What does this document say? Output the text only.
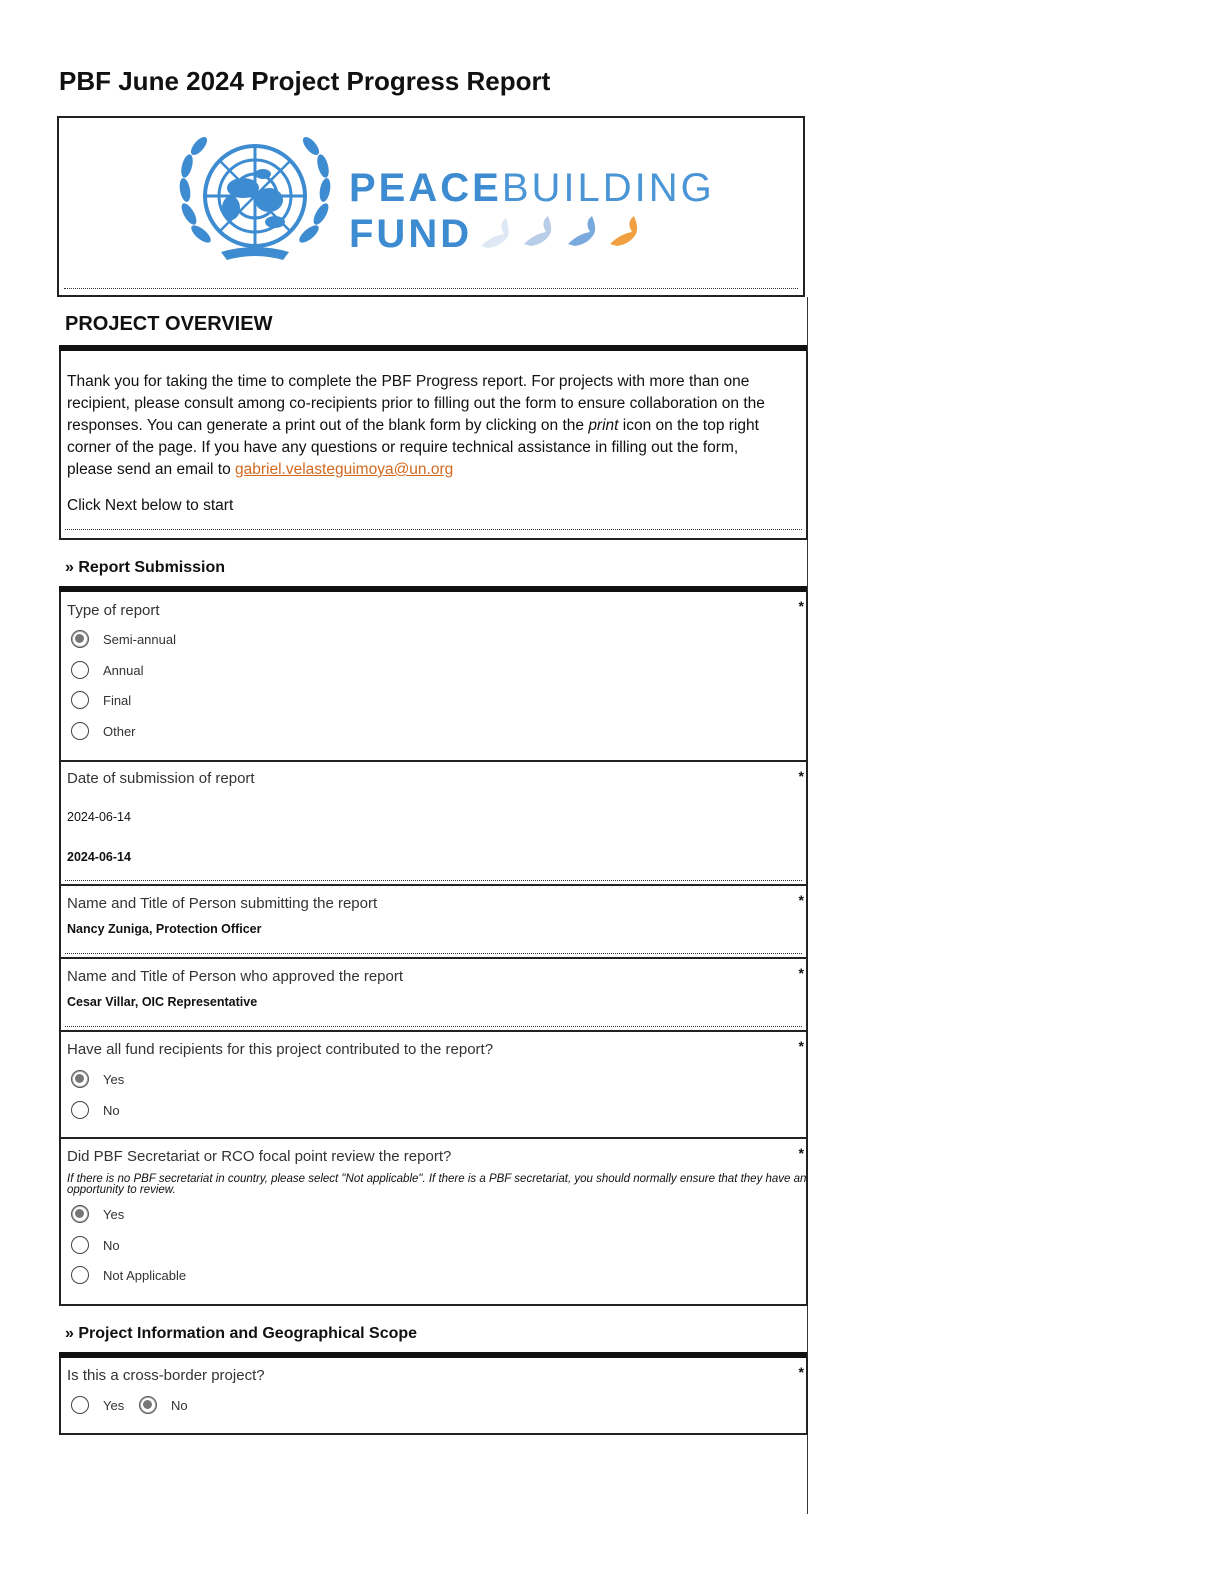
PBF June 2024 Project Progress Report
PEACEBUILDING
FUND
PROJECT OVERVIEW

Thank you for taking the time to complete the PBF Progress report. For projects with more than one recipient, please consult among co-recipients prior to filling out the form to ensure collaboration on the responses. You can generate a print out of the blank form by clicking on the print icon on the top right corner of the page. If you have any questions or require technical assistance in filling out the form, please send an email to gabriel.velasteguimoya@un.org

Click Next below to start

» Report Submission
Type of report	*
Semi-annual
Annual
Final
Other
Date of submission of report	*
2024-06-14
2024-06-14
Name and Title of Person submitting the report	*
Nancy Zuniga, Protection Officer
Name and Title of Person who approved the report	*
Cesar Villar, OIC Representative
Have all fund recipients for this project contributed to the report?	*
Yes
No
Did PBF Secretariat or RCO focal point review the report?	*
If there is no PBF secretariat in country, please select "Not applicable". If there is a PBF secretariat, you should normally ensure that they have an opportunity to review.
Yes
No
Not Applicable
» Project Information and Geographical Scope
Is this a cross-border project?	*
Yes	No
